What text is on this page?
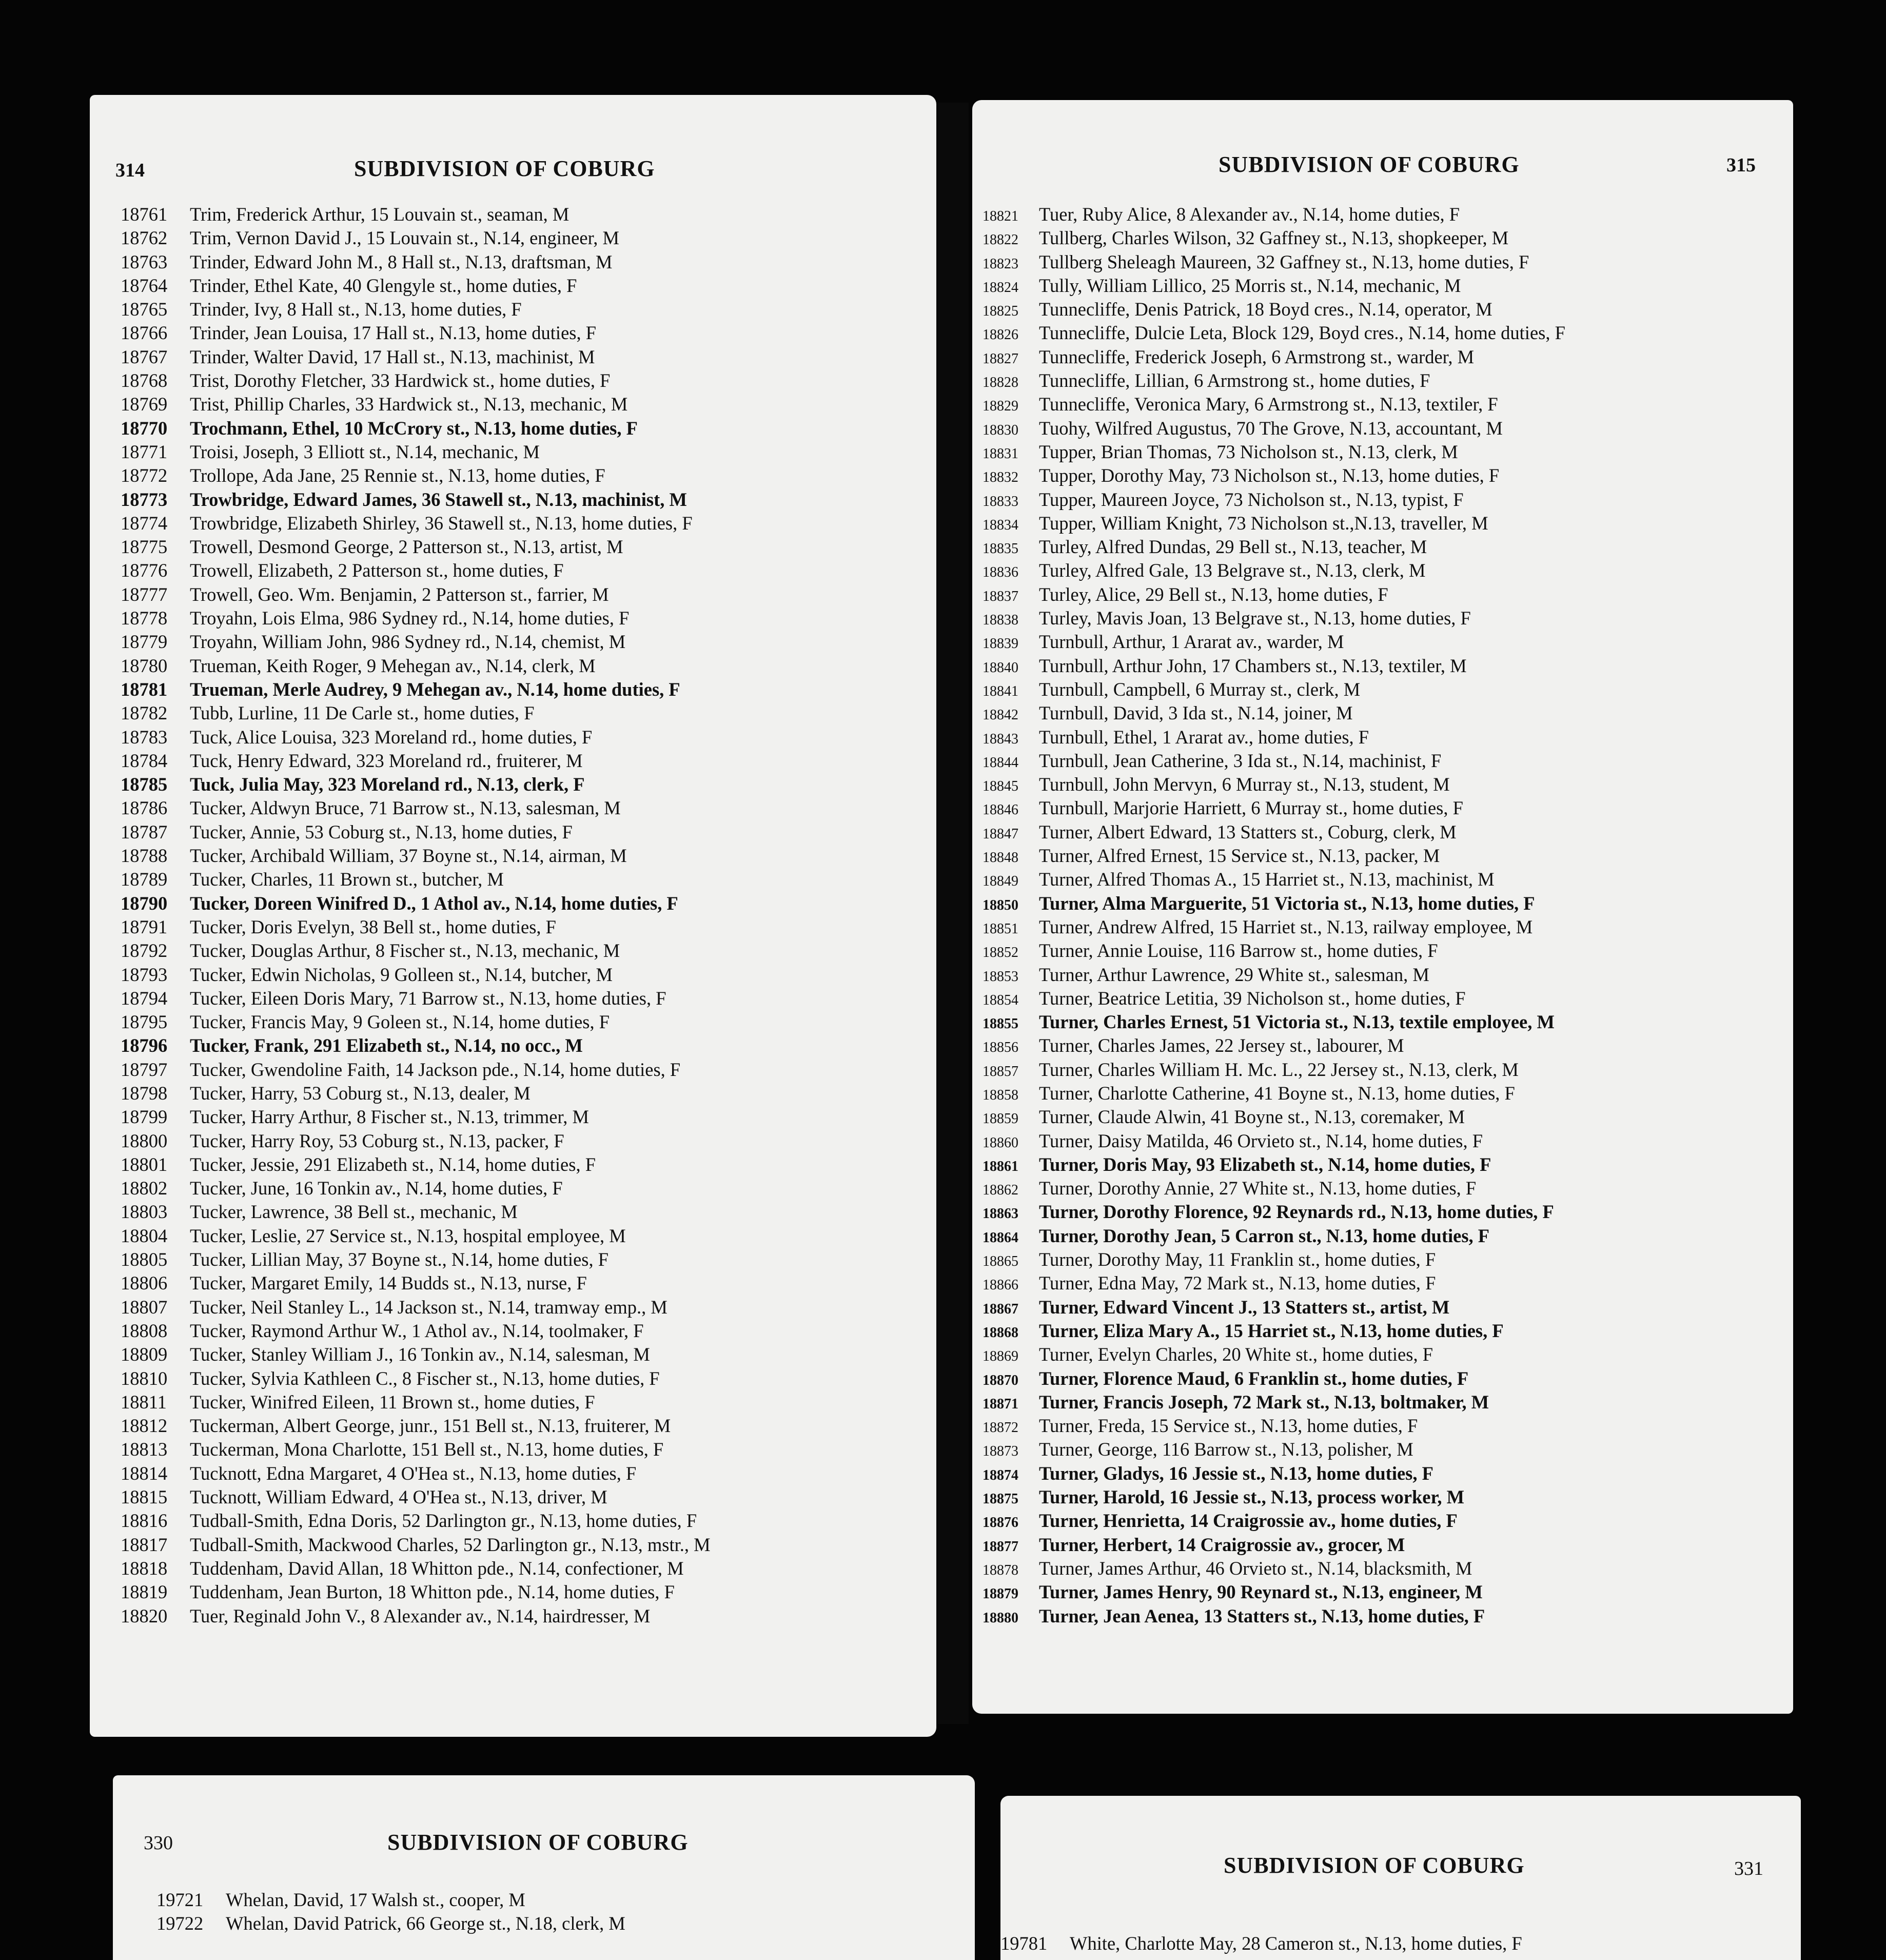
314	SUBDIVISION OF COBURG
18761 Trim, Frederick Arthur, 15 Louvain st., seaman, M
18762 Trim, Vernon David J., 15 Louvain st., N.14, engineer, M
18763 Trinder, Edward John M., 8 Hall st., N.13, draftsman, M
18764 Trinder, Ethel Kate, 40 Glengyle st., home duties, F
18765 Trinder, Ivy, 8 Hall st., N.13, home duties, F
18766 Trinder, Jean Louisa, 17 Hall st., N.13, home duties, F
18767 Trinder, Walter David, 17 Hall st., N.13, machinist, M
18768 Trist, Dorothy Fletcher, 33 Hardwick st., home duties, F
18769 Trist, Phillip Charles, 33 Hardwick st., N.13, mechanic, M
18770 Trochmann, Ethel, 10 McCrory st., N.13, home duties, F
18771 Troisi, Joseph, 3 Elliott st., N.14, mechanic, M
18772 Trollope, Ada Jane, 25 Rennie st., N.13, home duties, F
18773 Trowbridge, Edward James, 36 Stawell st., N.13, machinist, M
18774 Trowbridge, Elizabeth Shirley, 36 Stawell st., N.13, home duties, F
18775 Trowell, Desmond George, 2 Patterson st., N.13, artist, M
18776 Trowell, Elizabeth, 2 Patterson st., home duties, F
18777 Trowell, Geo. Wm. Benjamin, 2 Patterson st., farrier, M
18778 Troyahn, Lois Elma, 986 Sydney rd., N.14, home duties, F
18779 Troyahn, William John, 986 Sydney rd., N.14, chemist, M
18780 Trueman, Keith Roger, 9 Mehegan av., N.14, clerk, M
18781 Trueman, Merle Audrey, 9 Mehegan av., N.14, home duties, F
18782 Tubb, Lurline, 11 De Carle st., home duties, F
18783 Tuck, Alice Louisa, 323 Moreland rd., home duties, F
18784 Tuck, Henry Edward, 323 Moreland rd., fruiterer, M
18785 Tuck, Julia May, 323 Moreland rd., N.13, clerk, F
18786 Tucker, Aldwyn Bruce, 71 Barrow st., N.13, salesman, M
18787 Tucker, Annie, 53 Coburg st., N.13, home duties, F
18788 Tucker, Archibald William, 37 Boyne st., N.14, airman, M
18789 Tucker, Charles, 11 Brown st., butcher, M
18790 Tucker, Doreen Winifred D., 1 Athol av., N.14, home duties, F
18791 Tucker, Doris Evelyn, 38 Bell st., home duties, F
18792 Tucker, Douglas Arthur, 8 Fischer st., N.13, mechanic, M
18793 Tucker, Edwin Nicholas, 9 Golleen st., N.14, butcher, M
18794 Tucker, Eileen Doris Mary, 71 Barrow st., N.13, home duties, F
18795 Tucker, Francis May, 9 Goleen st., N.14, home duties, F
18796 Tucker, Frank, 291 Elizabeth st., N.14, no occ., M
18797 Tucker, Gwendoline Faith, 14 Jackson pde., N.14, home duties, F
18798 Tucker, Harry, 53 Coburg st., N.13, dealer, M
18799 Tucker, Harry Arthur, 8 Fischer st., N.13, trimmer, M
18800 Tucker, Harry Roy, 53 Coburg st., N.13, packer, F
18801 Tucker, Jessie, 291 Elizabeth st., N.14, home duties, F
18802 Tucker, June, 16 Tonkin av., N.14, home duties, F
18803 Tucker, Lawrence, 38 Bell st., mechanic, M
18804 Tucker, Leslie, 27 Service st., N.13, hospital employee, M
18805 Tucker, Lillian May, 37 Boyne st., N.14, home duties, F
18806 Tucker, Margaret Emily, 14 Budds st., N.13, nurse, F
18807 Tucker, Neil Stanley L., 14 Jackson st., N.14, tramway emp., M
18808 Tucker, Raymond Arthur W., 1 Athol av., N.14, toolmaker, F
18809 Tucker, Stanley William J., 16 Tonkin av., N.14, salesman, M
18810 Tucker, Sylvia Kathleen C., 8 Fischer st., N.13, home duties, F
18811 Tucker, Winifred Eileen, 11 Brown st., home duties, F
18812 Tuckerman, Albert George, junr., 151 Bell st., N.13, fruiterer, M
18813 Tuckerman, Mona Charlotte, 151 Bell st., N.13, home duties, F
18814 Tucknott, Edna Margaret, 4 O'Hea st., N.13, home duties, F
18815 Tucknott, William Edward, 4 O'Hea st., N.13, driver, M
18816 Tudball-Smith, Edna Doris, 52 Darlington gr., N.13, home duties, F
18817 Tudball-Smith, Mackwood Charles, 52 Darlington gr., N.13, mstr., M
18818 Tuddenham, David Allan, 18 Whitton pde., N.14, confectioner, M
18819 Tuddenham, Jean Burton, 18 Whitton pde., N.14, home duties, F
18820 Tuer, Reginald John V., 8 Alexander av., N.14, hairdresser, M
SUBDIVISION OF COBURG	315
18821 Tuer, Ruby Alice, 8 Alexander av., N.14, home duties, F
18822 Tullberg, Charles Wilson, 32 Gaffney st., N.13, shopkeeper, M
18823 Tullberg Sheleagh Maureen, 32 Gaffney st., N.13, home duties, F
18824 Tully, William Lillico, 25 Morris st., N.14, mechanic, M
18825 Tunnecliffe, Denis Patrick, 18 Boyd cres., N.14, operator, M
18826 Tunnecliffe, Dulcie Leta, Block 129, Boyd cres., N.14, home duties, F
18827 Tunnecliffe, Frederick Joseph, 6 Armstrong st., warder, M
18828 Tunnecliffe, Lillian, 6 Armstrong st., home duties, F
18829 Tunnecliffe, Veronica Mary, 6 Armstrong st., N.13, textiler, F
18830 Tuohy, Wilfred Augustus, 70 The Grove, N.13, accountant, M
18831 Tupper, Brian Thomas, 73 Nicholson st., N.13, clerk, M
18832 Tupper, Dorothy May, 73 Nicholson st., N.13, home duties, F
18833 Tupper, Maureen Joyce, 73 Nicholson st., N.13, typist, F
18834 Tupper, William Knight, 73 Nicholson st.,N.13, traveller, M
18835 Turley, Alfred Dundas, 29 Bell st., N.13, teacher, M
18836 Turley, Alfred Gale, 13 Belgrave st., N.13, clerk, M
18837 Turley, Alice, 29 Bell st., N.13, home duties, F
18838 Turley, Mavis Joan, 13 Belgrave st., N.13, home duties, F
18839 Turnbull, Arthur, 1 Ararat av., warder, M
18840 Turnbull, Arthur John, 17 Chambers st., N.13, textiler, M
18841 Turnbull, Campbell, 6 Murray st., clerk, M
18842 Turnbull, David, 3 Ida st., N.14, joiner, M
18843 Turnbull, Ethel, 1 Ararat av., home duties, F
18844 Turnbull, Jean Catherine, 3 Ida st., N.14, machinist, F
18845 Turnbull, John Mervyn, 6 Murray st., N.13, student, M
18846 Turnbull, Marjorie Harriett, 6 Murray st., home duties, F
18847 Turner, Albert Edward, 13 Statters st., Coburg, clerk, M
18848 Turner, Alfred Ernest, 15 Service st., N.13, packer, M
18849 Turner, Alfred Thomas A., 15 Harriet st., N.13, machinist, M
18850 Turner, Alma Marguerite, 51 Victoria st., N.13, home duties, F
18851 Turner, Andrew Alfred, 15 Harriet st., N.13, railway employee, M
18852 Turner, Annie Louise, 116 Barrow st., home duties, F
18853 Turner, Arthur Lawrence, 29 White st., salesman, M
18854 Turner, Beatrice Letitia, 39 Nicholson st., home duties, F
18855 Turner, Charles Ernest, 51 Victoria st., N.13, textile employee, M
18856 Turner, Charles James, 22 Jersey st., labourer, M
18857 Turner, Charles William H. Mc. L., 22 Jersey st., N.13, clerk, M
18858 Turner, Charlotte Catherine, 41 Boyne st., N.13, home duties, F
18859 Turner, Claude Alwin, 41 Boyne st., N.13, coremaker, M
18860 Turner, Daisy Matilda, 46 Orvieto st., N.14, home duties, F
18861 Turner, Doris May, 93 Elizabeth st., N.14, home duties, F
18862 Turner, Dorothy Annie, 27 White st., N.13, home duties, F
18863 Turner, Dorothy Florence, 92 Reynards rd., N.13, home duties, F
18864 Turner, Dorothy Jean, 5 Carron st., N.13, home duties, F
18865 Turner, Dorothy May, 11 Franklin st., home duties, F
18866 Turner, Edna May, 72 Mark st., N.13, home duties, F
18867 Turner, Edward Vincent J., 13 Statters st., artist, M
18868 Turner, Eliza Mary A., 15 Harriet st., N.13, home duties, F
18869 Turner, Evelyn Charles, 20 White st., home duties, F
18870 Turner, Florence Maud, 6 Franklin st., home duties, F
18871 Turner, Francis Joseph, 72 Mark st., N.13, boltmaker, M
18872 Turner, Freda, 15 Service st., N.13, home duties, F
18873 Turner, George, 116 Barrow st., N.13, polisher, M
18874 Turner, Gladys, 16 Jessie st., N.13, home duties, F
18875 Turner, Harold, 16 Jessie st., N.13, process worker, M
18876 Turner, Henrietta, 14 Craigrossie av., home duties, F
18877 Turner, Herbert, 14 Craigrossie av., grocer, M
18878 Turner, James Arthur, 46 Orvieto st., N.14, blacksmith, M
18879 Turner, James Henry, 90 Reynard st., N.13, engineer, M
18880 Turner, Jean Aenea, 13 Statters st., N.13, home duties, F
330	SUBDIVISION OF COBURG
19721 Whelan, David, 17 Walsh st., cooper, M
19722 Whelan, David Patrick, 66 George st., N.18, clerk, M
SUBDIVISION OF COBURG	331
19781 White, Charlotte May, 28 Cameron st., N.13, home duties, F
